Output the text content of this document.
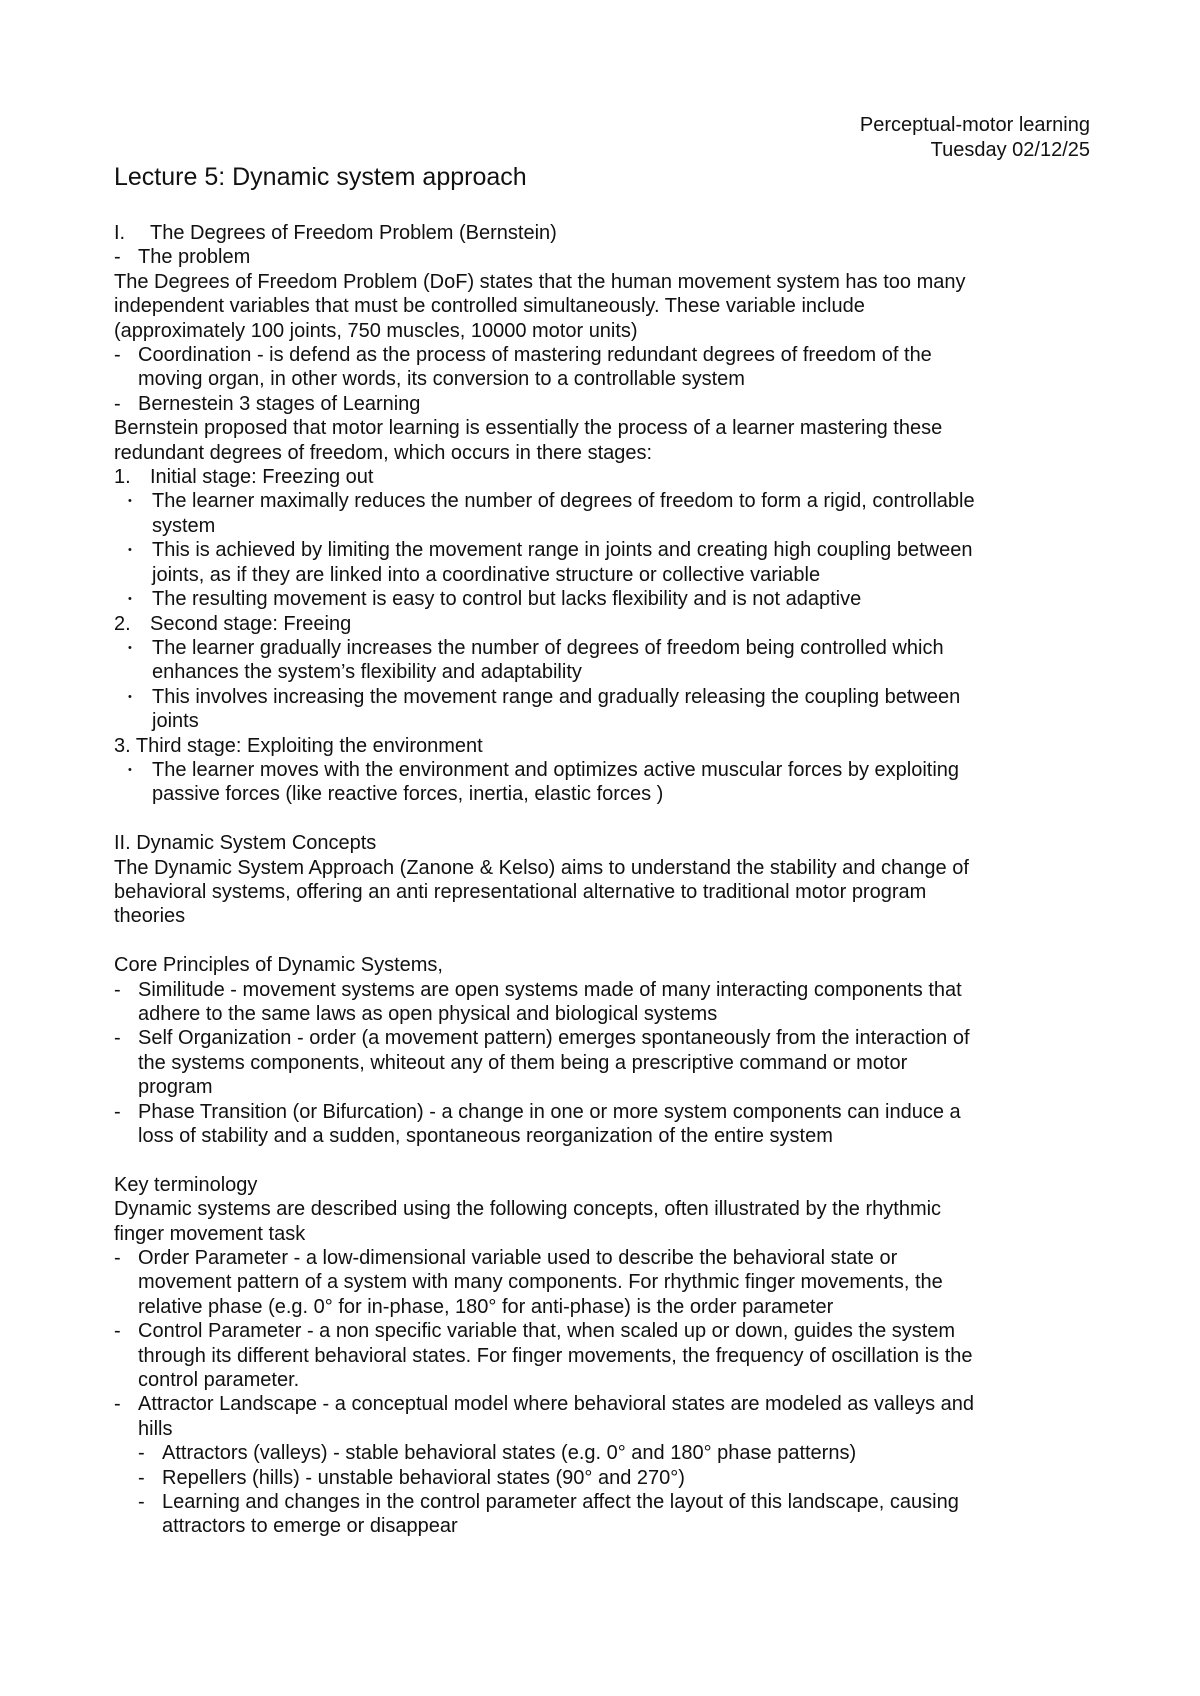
Perceptual-motor learning
Tuesday 02/12/25
Lecture 5: Dynamic system approach
I.	The Degrees of Freedom Problem (Bernstein)
- The problem
The Degrees of Freedom Problem (DoF) states that the human movement system has too many
independent variables that must be controlled simultaneously. These variable include
(approximately 100 joints, 750 muscles, 10000 motor units)
- Coordination - is defend as the process of mastering redundant degrees of freedom of the
moving organ, in other words, its conversion to a controllable system
- Bernestein 3 stages of Learning
Bernstein proposed that motor learning is essentially the process of a learner mastering these
redundant degrees of freedom, which occurs in there stages:
1. Initial stage: Freezing out
•	The learner maximally reduces the number of degrees of freedom to form a rigid, controllable
system
•	This is achieved by limiting the movement range in joints and creating high coupling between
joints, as if they are linked into a coordinative structure or collective variable
•	The resulting movement is easy to control but lacks flexibility and is not adaptive
2. Second stage: Freeing
•	The learner gradually increases the number of degrees of freedom being controlled which
enhances the system’s flexibility and adaptability
•	This involves increasing the movement range and gradually releasing the coupling between
joints
3. Third stage: Exploiting the environment
•	The learner moves with the environment and optimizes active muscular forces by exploiting
passive forces (like reactive forces, inertia, elastic forces )
II. Dynamic System Concepts
The Dynamic System Approach (Zanone & Kelso) aims to understand the stability and change of
behavioral systems, offering an anti representational alternative to traditional motor program
theories
Core Principles of Dynamic Systems,
- Similitude - movement systems are open systems made of many interacting components that
adhere to the same laws as open physical and biological systems
- Self Organization - order (a movement pattern) emerges spontaneously from the interaction of
the systems components, whiteout any of them being a prescriptive command or motor
program
- Phase Transition (or Bifurcation) - a change in one or more system components can induce a
loss of stability and a sudden, spontaneous reorganization of the entire system
Key terminology
Dynamic systems are described using the following concepts, often illustrated by the rhythmic
finger movement task
- Order Parameter - a low-dimensional variable used to describe the behavioral state or
movement pattern of a system with many components. For rhythmic finger movements, the
relative phase (e.g. 0° for in-phase, 180° for anti-phase) is the order parameter
- Control Parameter - a non specific variable that, when scaled up or down, guides the system
through its different behavioral states. For finger movements, the frequency of oscillation is the
control parameter.
- Attractor Landscape - a conceptual model where behavioral states are modeled as valleys and
hills
- Attractors (valleys) - stable behavioral states (e.g. 0° and 180° phase patterns)
- Repellers (hills) - unstable behavioral states (90° and 270°)
- Learning and changes in the control parameter affect the layout of this landscape, causing
attractors to emerge or disappear
